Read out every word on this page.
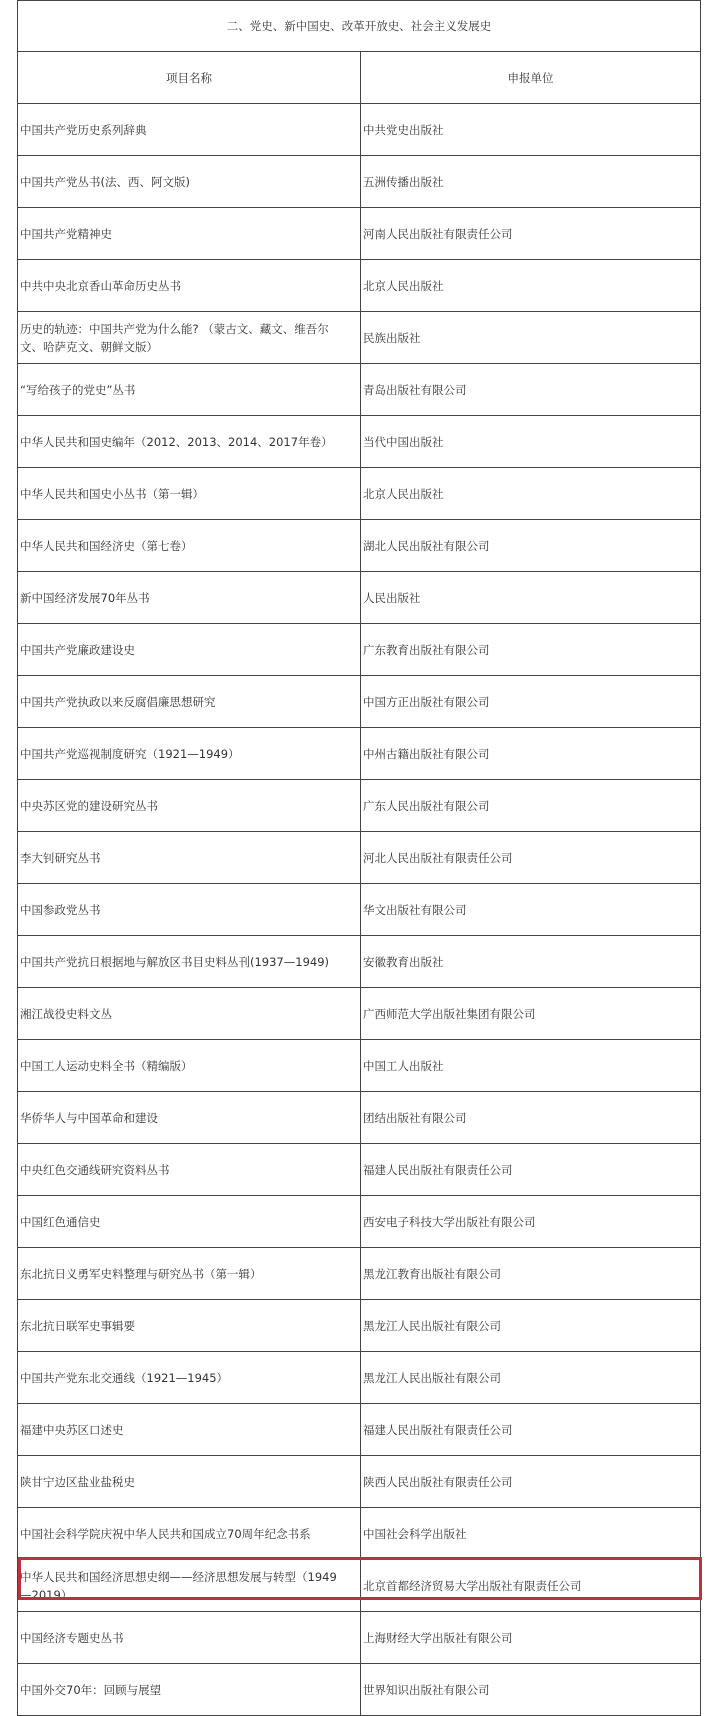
二、党史、新中国史、改革开放史、社会主义发展史	
项目名称	申报单位
中国共产党历史系列辞典	中共党史出版社
中国共产党丛书(法、西、阿文版)	五洲传播出版社
中国共产党精神史	河南人民出版社有限责任公司
中共中央北京香山革命历史丛书	北京人民出版社
历史的轨迹：中国共产党为什么能? （蒙古文、藏文、维吾尔文、哈萨克文、朝鲜文版）	民族出版社
“写给孩子的党史”丛书	青岛出版社有限公司
中华人民共和国史编年（2012、2013、2014、2017年卷）	当代中国出版社
中华人民共和国史小丛书（第一辑）	北京人民出版社
中华人民共和国经济史（第七卷）	湖北人民出版社有限公司
新中国经济发展70年丛书	人民出版社
中国共产党廉政建设史	广东教育出版社有限公司
中国共产党执政以来反腐倡廉思想研究	中国方正出版社有限公司
中国共产党巡视制度研究（1921—1949）	中州古籍出版社有限公司
中央苏区党的建设研究丛书	广东人民出版社有限公司
李大钊研究丛书	河北人民出版社有限责任公司
中国参政党丛书	华文出版社有限公司
中国共产党抗日根据地与解放区书目史料丛刊(1937—1949)	安徽教育出版社
湘江战役史料文丛	广西师范大学出版社集团有限公司
中国工人运动史料全书（精编版）	中国工人出版社
华侨华人与中国革命和建设	团结出版社有限公司
中央红色交通线研究资料丛书	福建人民出版社有限责任公司
中国红色通信史	西安电子科技大学出版社有限公司
东北抗日义勇军史料整理与研究丛书（第一辑）	黑龙江教育出版社有限公司
东北抗日联军史事辑要	黑龙江人民出版社有限公司
中国共产党东北交通线（1921—1945）	黑龙江人民出版社有限公司
福建中央苏区口述史	福建人民出版社有限责任公司
陕甘宁边区盐业盐税史	陕西人民出版社有限责任公司
中国社会科学院庆祝中华人民共和国成立70周年纪念书系	中国社会科学出版社
中华人民共和国经济思想史纲——经济思想发展与转型（1949—2019）	北京首都经济贸易大学出版社有限责任公司
中国经济专题史丛书	上海财经大学出版社有限公司
中国外交70年：回顾与展望	世界知识出版社有限公司
